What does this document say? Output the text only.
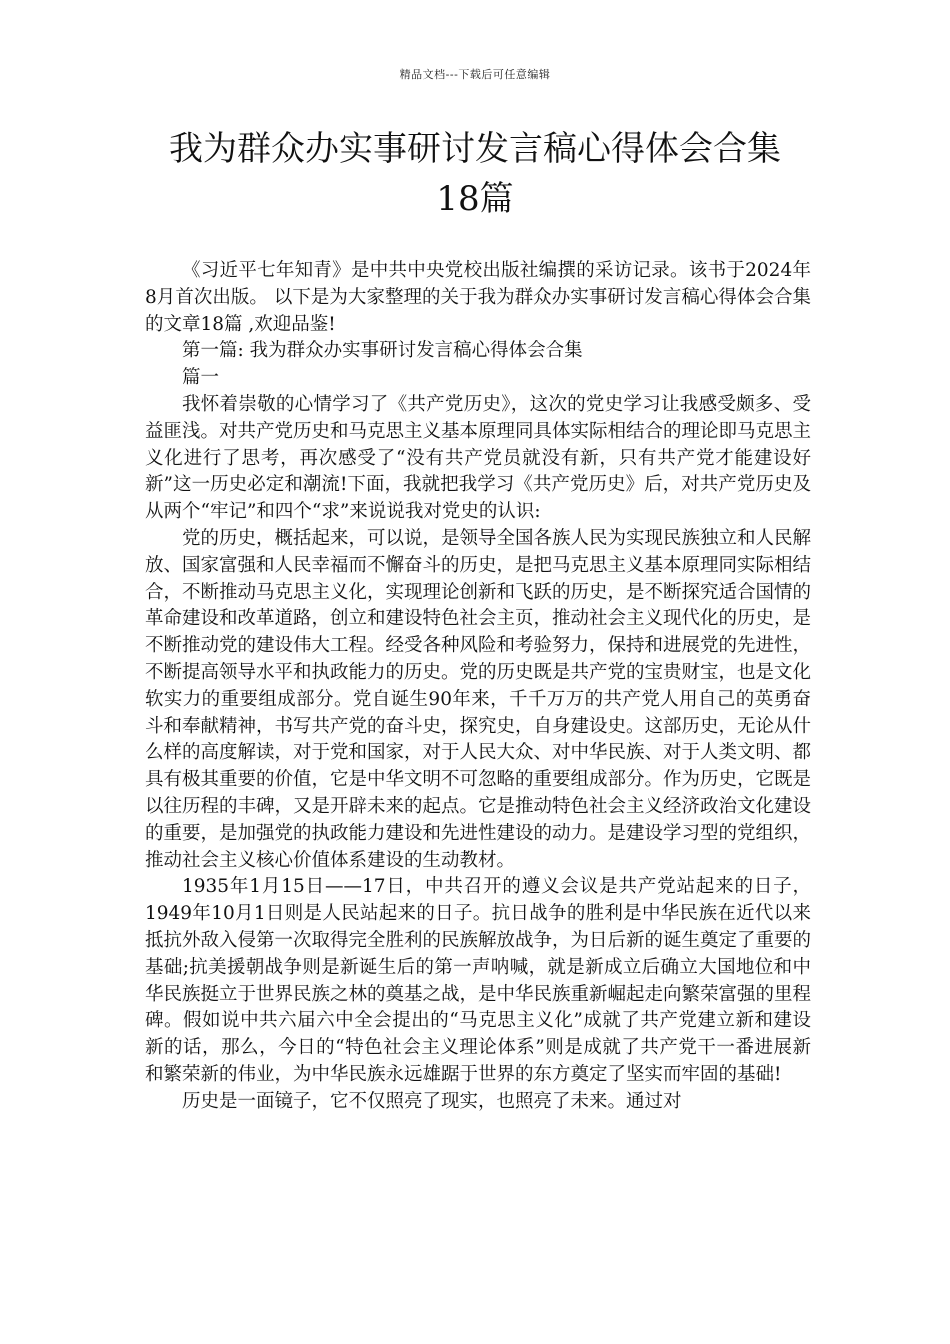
精品文档---下载后可任意编辑
我为群众办实事研讨发言稿心得体会合集
18篇

《习近平七年知青》是中共中央党校出版社编撰的采访记录。该书于2024年8月首次出版。 以下是为大家整理的关于我为群众办实事研讨发言稿心得体会合集的文章18篇 ,欢迎品鉴!

第一篇: 我为群众办实事研讨发言稿心得体会合集

篇一

我怀着崇敬的心情学习了《共产党历史》，这次的党史学习让我感受颇多、受益匪浅。对共产党历史和马克思主义基本原理同具体实际相结合的理论即马克思主义化进行了思考，再次感受了“没有共产党员就没有新，只有共产党才能建设好新”这一历史必定和潮流!下面，我就把我学习《共产党历史》后，对共产党历史及从两个“牢记”和四个“求”来说说我对党史的认识:

党的历史，概括起来，可以说，是领导全国各族人民为实现民族独立和人民解放、国家富强和人民幸福而不懈奋斗的历史，是把马克思主义基本原理同实际相结合，不断推动马克思主义化，实现理论创新和飞跃的历史，是不断探究适合国情的革命建设和改革道路，创立和建设特色社会主页，推动社会主义现代化的历史，是不断推动党的建设伟大工程。经受各种风险和考验努力，保持和进展党的先进性，不断提高领导水平和执政能力的历史。党的历史既是共产党的宝贵财宝，也是文化软实力的重要组成部分。党自诞生90年来，千千万万的共产党人用自己的英勇奋斗和奉献精神，书写共产党的奋斗史，探究史，自身建设史。这部历史，无论从什么样的高度解读，对于党和国家，对于人民大众、对中华民族、对于人类文明、都具有极其重要的价值，它是中华文明不可忽略的重要组成部分。作为历史，它既是以往历程的丰碑，又是开辟未来的起点。它是推动特色社会主义经济政治文化建设的重要，是加强党的执政能力建设和先进性建设的动力。是建设学习型的党组织，推动社会主义核心价值体系建设的生动教材。

1935年1月15日——17日，中共召开的遵义会议是共产党站起来的日子，1949年10月1日则是人民站起来的日子。抗日战争的胜利是中华民族在近代以来抵抗外敌入侵第一次取得完全胜利的民族解放战争，为日后新的诞生奠定了重要的基础;抗美援朝战争则是新诞生后的第一声呐喊，就是新成立后确立大国地位和中华民族挺立于世界民族之林的奠基之战，是中华民族重新崛起走向繁荣富强的里程碑。假如说中共六届六中全会提出的“马克思主义化”成就了共产党建立新和建设新的话，那么，今日的“特色社会主义理论体系”则是成就了共产党干一番进展新和繁荣新的伟业，为中华民族永远雄踞于世界的东方奠定了坚实而牢固的基础!

历史是一面镜子，它不仅照亮了现实，也照亮了未来。通过对
